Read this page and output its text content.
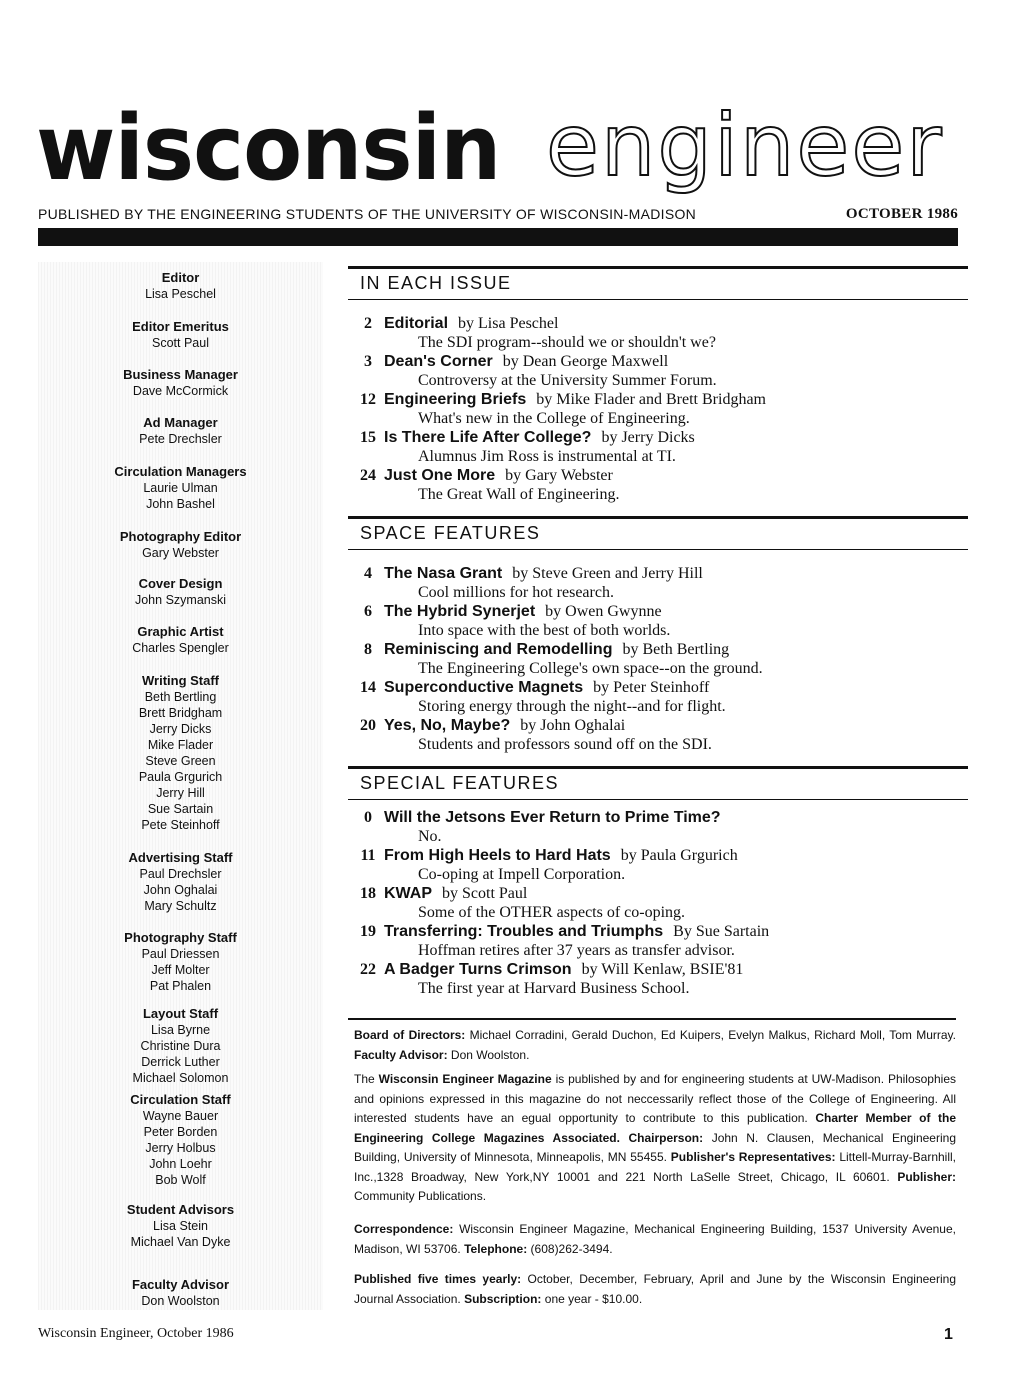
wisconsin engineer
PUBLISHED BY THE ENGINEERING STUDENTS OF THE UNIVERSITY OF WISCONSIN-MADISON	OCTOBER 1986
Editor
Lisa Peschel
Editor Emeritus
Scott Paul
Business Manager
Dave McCormick
Ad Manager
Pete Drechsler
Circulation Managers
Laurie Ulman
John Bashel
Photography Editor
Gary Webster
Cover Design
John Szymanski
Graphic Artist
Charles Spengler
Writing Staff
Beth Bertling
Brett Bridgham
Jerry Dicks
Mike Flader
Steve Green
Paula Grgurich
Jerry Hill
Sue Sartain
Pete Steinhoff
Advertising Staff
Paul Drechsler
John Oghalai
Mary Schultz
Photography Staff
Paul Driessen
Jeff Molter
Pat Phalen
Layout Staff
Lisa Byrne
Christine Dura
Derrick Luther
Michael Solomon
Circulation Staff
Wayne Bauer
Peter Borden
Jerry Holbus
John Loehr
Bob Wolf
Student Advisors
Lisa Stein
Michael Van Dyke
Faculty Advisor
Don Woolston
IN EACH ISSUE
2 Editorial by Lisa Peschel
The SDI program--should we or shouldn't we?
3 Dean's Corner by Dean George Maxwell
Controversy at the University Summer Forum.
12 Engineering Briefs by Mike Flader and Brett Bridgham
What's new in the College of Engineering.
15 Is There Life After College? by Jerry Dicks
Alumnus Jim Ross is instrumental at TI.
24 Just One More by Gary Webster
The Great Wall of Engineering.
SPACE FEATURES
4 The Nasa Grant by Steve Green and Jerry Hill
Cool millions for hot research.
6 The Hybrid Synerjet by Owen Gwynne
Into space with the best of both worlds.
8 Reminiscing and Remodelling by Beth Bertling
The Engineering College's own space--on the ground.
14 Superconductive Magnets by Peter Steinhoff
Storing energy through the night--and for flight.
20 Yes, No, Maybe? by John Oghalai
Students and professors sound off on the SDI.
SPECIAL FEATURES
0 Will the Jetsons Ever Return to Prime Time?
No.
11 From High Heels to Hard Hats by Paula Grgurich
Co-oping at Impell Corporation.
18 KWAP by Scott Paul
Some of the OTHER aspects of co-oping.
19 Transferring: Troubles and Triumphs By Sue Sartain
Hoffman retires after 37 years as transfer advisor.
22 A Badger Turns Crimson by Will Kenlaw, BSIE'81
The first year at Harvard Business School.
Board of Directors: Michael Corradini, Gerald Duchon, Ed Kuipers, Evelyn Malkus, Richard Moll, Tom Murray. Faculty Advisor: Don Woolston.
The Wisconsin Engineer Magazine is published by and for engineering students at UW-Madison. Philosophies and opinions expressed in this magazine do not neccessarily reflect those of the College of Engineering. All interested students have an egual opportunity to contribute to this publication. Charter Member of the Engineering College Magazines Associated. Chairperson: John N. Clausen, Mechanical Engineering Building, University of Minnesota, Minneapolis, MN 55455. Publisher's Representatives: Littell-Murray-Barnhill, Inc.,1328 Broadway, New York,NY 10001 and 221 North LaSelle Street, Chicago, IL 60601. Publisher: Community Publications.
Correspondence: Wisconsin Engineer Magazine, Mechanical Engineering Building, 1537 University Avenue, Madison, WI 53706. Telephone: (608)262-3494.
Published five times yearly: October, December, February, April and June by the Wisconsin Engineering Journal Association. Subscription: one year - $10.00.
Wisconsin Engineer, October 1986	1
